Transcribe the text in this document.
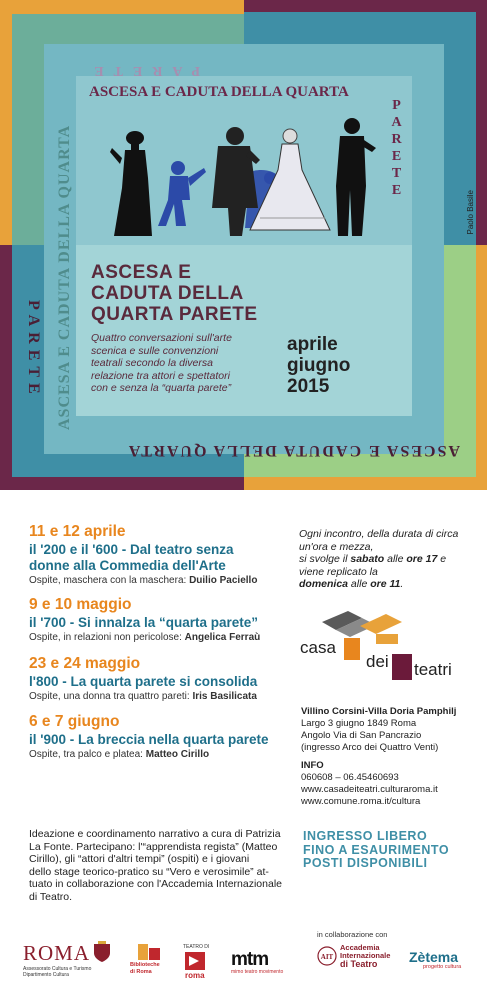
ASCESA E CADUTA DELLA QUARTA
PARETE
PARETE
ASCESA E CADUTA DELLA QUARTA
PARETE
ASCESA E CADUTA DELLA QUARTA
Paolo Basile
ASCESA E
CADUTA DELLA
QUARTA PARETE
Quattro conversazioni sull'arte
scenica e sulle convenzioni
teatrali secondo la diversa
relazione tra attori e spettatori
con e senza la “quarta parete”
aprile
giugno
2015
11 e 12 aprile
il '200 e il '600 - Dal teatro senza
donne alla Commedia dell'Arte
Ospite, maschera con la maschera: Duilio Paciello
9 e 10 maggio
il '700 - Si innalza la “quarta parete”
Ospite, in relazioni non pericolose: Angelica Ferraù
23 e 24 maggio
l'800 - La quarta parete si consolida
Ospite, una donna tra quattro pareti: Iris Basilicata
6 e 7 giugno
il '900 - La breccia nella quarta parete
Ospite, tra palco e platea: Matteo Cirillo
Ogni incontro, della durata di circa
un'ora e mezza,
si svolge il sabato alle ore 17 e
viene replicato la
domenica alle ore 11.
casa
dei teatri
Villino Corsini-Villa Doria Pamphilj
Largo 3 giugno 1849 Roma
Angolo Via di San Pancrazio
(ingresso Arco dei Quattro Venti)
INFO
060608 – 06.45460693
www.casadeiteatri.culturaroma.it
www.comune.roma.it/cultura
Ideazione e coordinamento narrativo a cura di Patrizia
La Fonte. Partecipano: l'“apprendista regista” (Matteo
Cirillo), gli “attori d'altri tempi” (ospiti) e i giovani
dello stage teorico-pratico su “Vero e verosimile” at-
tuato in collaborazione con l'Accademia Internazionale
di Teatro.
INGRESSO LIBERO
FINO A ESAURIMENTO
POSTI DISPONIBILI
in collaborazione con
ROMA
Assessorato Cultura e Turismo
Dipartimento Cultura
Biblioteche
di Roma
TEATRO DI
roma
mtm
mimo teatro movimento
AIT
Accademia
Internazionale
di Teatro	Zètema
progetto cultura
